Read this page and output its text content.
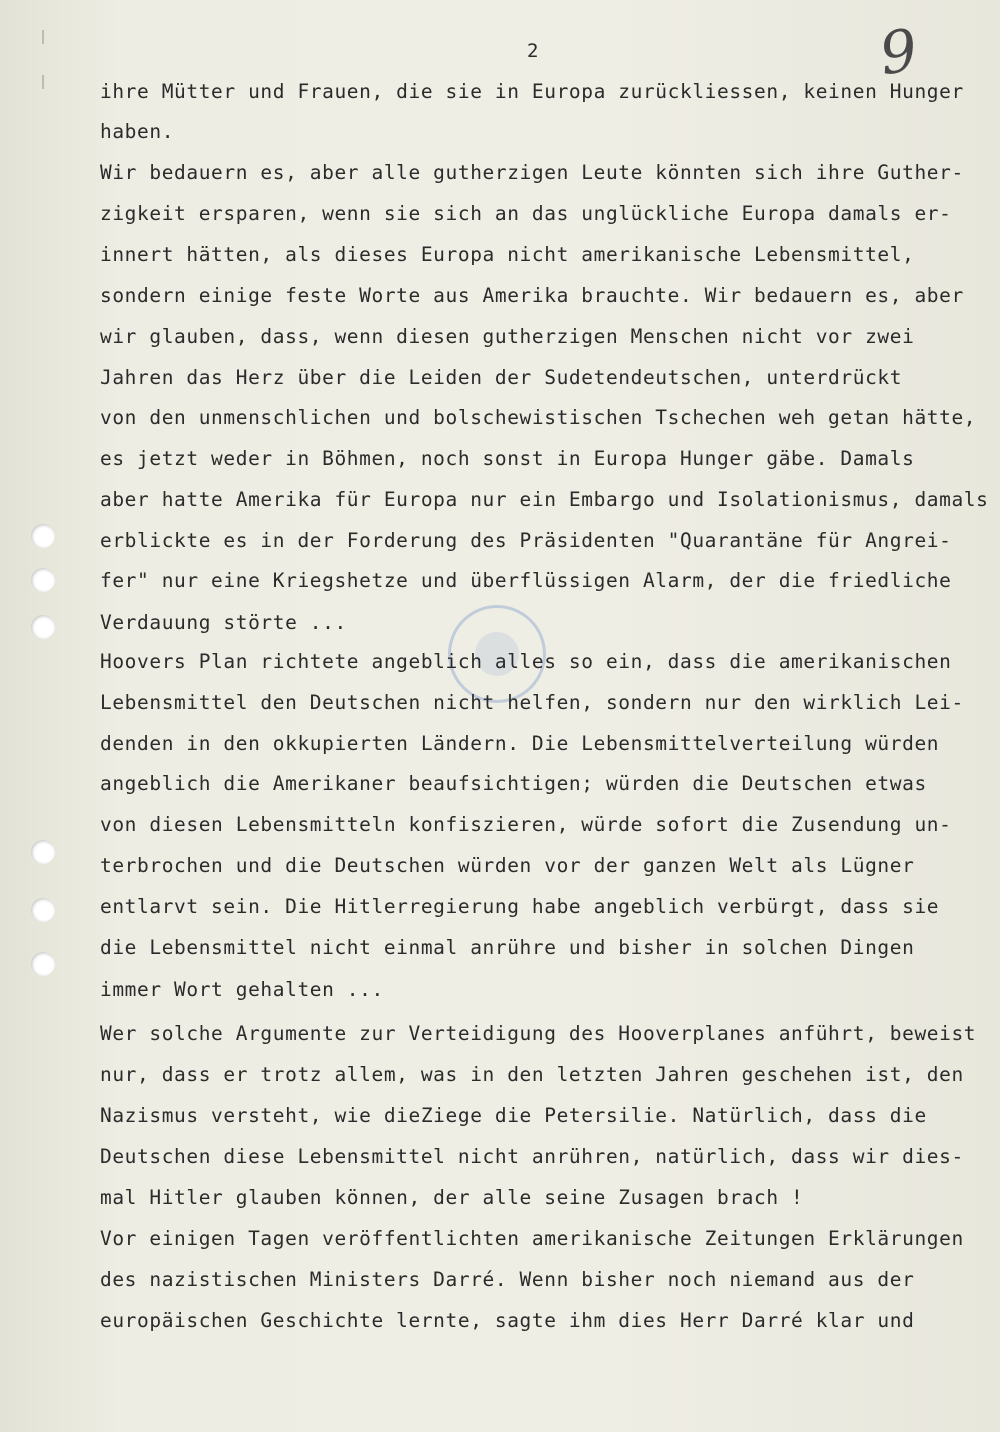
2	9
ihre Mütter und Frauen, die sie in Europa zurückliessen, keinen Hunger
haben.
Wir bedauern es, aber alle gutherzigen Leute könnten sich ihre Guther-
zigkeit ersparen, wenn sie sich an das unglückliche Europa damals er-
innert hätten, als dieses Europa nicht amerikanische Lebensmittel,
sondern einige feste Worte aus Amerika brauchte. Wir bedauern es, aber
wir glauben, dass, wenn diesen gutherzigen Menschen nicht vor zwei
Jahren das Herz über die Leiden der Sudetendeutschen, unterdrückt
von den unmenschlichen und bolschewistischen Tschechen weh getan hätte,
es jetzt weder in Böhmen, noch sonst in Europa Hunger gäbe. Damals
aber hatte Amerika für Europa nur ein Embargo und Isolationismus, damals
erblickte es in der Forderung des Präsidenten "Quarantäne für Angrei-
fer" nur eine Kriegshetze und überflüssigen Alarm, der die friedliche
Verdauung störte ...
Hoovers Plan richtete angeblich alles so ein, dass die amerikanischen
Lebensmittel den Deutschen nicht helfen, sondern nur den wirklich Lei-
denden in den okkupierten Ländern. Die Lebensmittelverteilung würden
angeblich die Amerikaner beaufsichtigen; würden die Deutschen etwas
von diesen Lebensmitteln konfiszieren, würde sofort die Zusendung un-
terbrochen und die Deutschen würden vor der ganzen Welt als Lügner
entlarvt sein. Die Hitlerregierung habe angeblich verbürgt, dass sie
die Lebensmittel nicht einmal anrühre und bisher in solchen Dingen
immer Wort gehalten ...
Wer solche Argumente zur Verteidigung des Hooverplanes anführt, beweist
nur, dass er trotz allem, was in den letzten Jahren geschehen ist, den
Nazismus versteht, wie dieZiege die Petersilie. Natürlich, dass die
Deutschen diese Lebensmittel nicht anrühren, natürlich, dass wir dies-
mal Hitler glauben können, der alle seine Zusagen brach !
Vor einigen Tagen veröffentlichten amerikanische Zeitungen Erklärungen
des nazistischen Ministers Darré. Wenn bisher noch niemand aus der
europäischen Geschichte lernte, sagte ihm dies Herr Darré klar und
